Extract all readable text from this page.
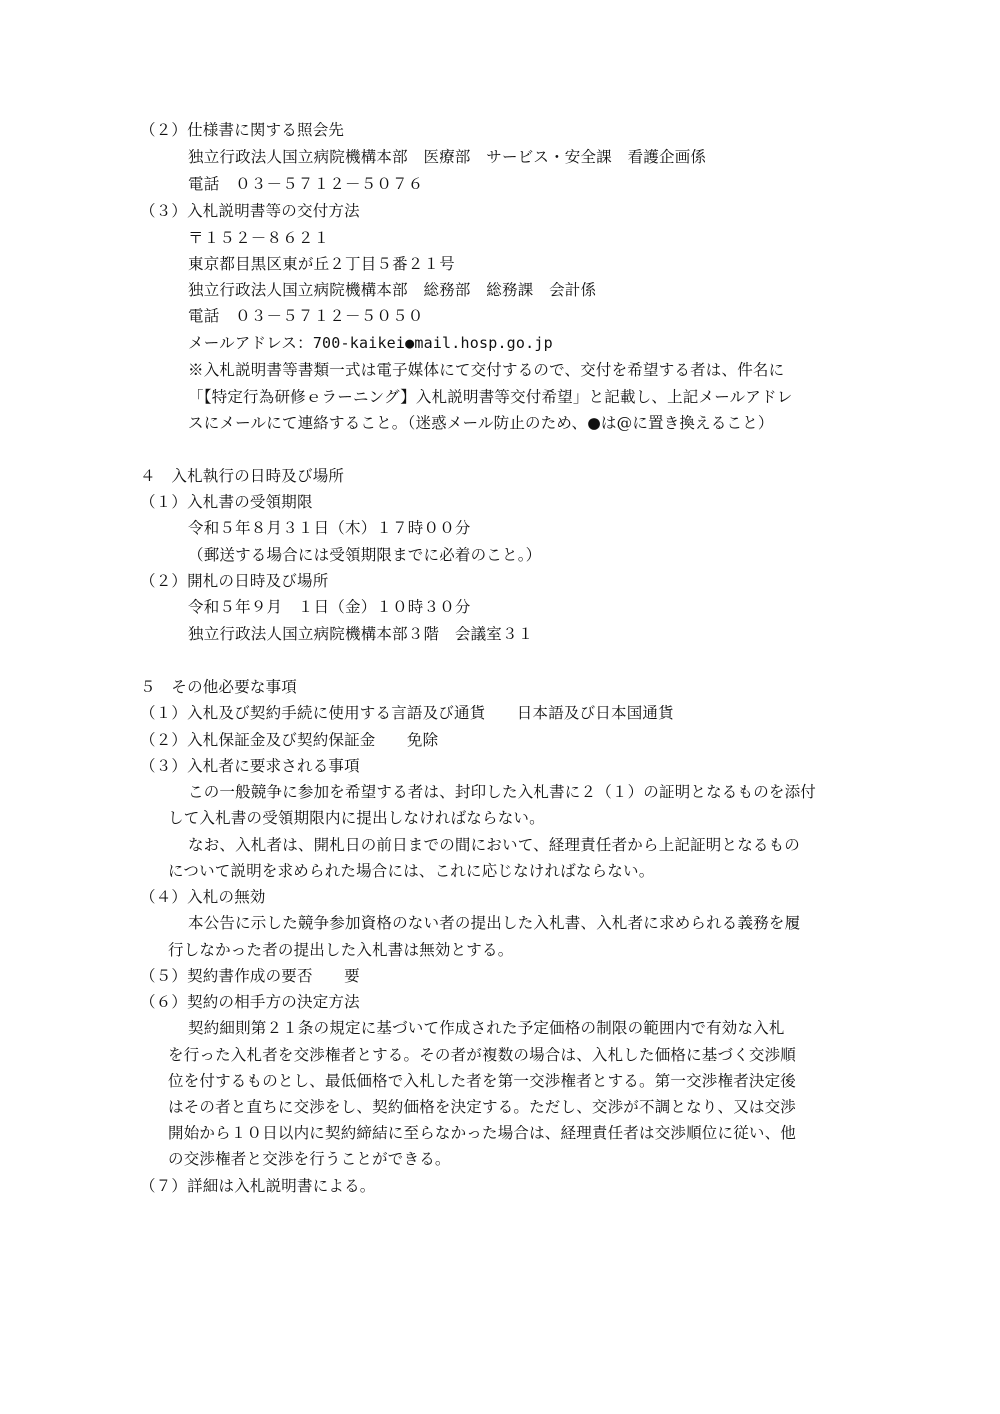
（２）仕様書に関する照会先
独立行政法人国立病院機構本部　医療部　サービス・安全課　看護企画係
電話　０３－５７１２－５０７６
（３）入札説明書等の交付方法
〒１５２－８６２１
東京都目黒区東が丘２丁目５番２１号
独立行政法人国立病院機構本部　総務部　総務課　会計係
電話　０３－５７１２－５０５０
メールアドレス：700-kaikei●mail.hosp.go.jp
※入札説明書等書類一式は電子媒体にて交付するので、交付を希望する者は、件名に
「【特定行為研修ｅラーニング】入札説明書等交付希望」と記載し、上記メールアドレ
スにメールにて連絡すること。（迷惑メール防止のため、●は@に置き換えること）
４　入札執行の日時及び場所
（１）入札書の受領期限
令和５年８月３１日（木）１７時００分
（郵送する場合には受領期限までに必着のこと。）
（２）開札の日時及び場所
令和５年９月　１日（金）１０時３０分
独立行政法人国立病院機構本部３階　会議室３１
５　その他必要な事項
（１）入札及び契約手続に使用する言語及び通貨　　日本語及び日本国通貨
（２）入札保証金及び契約保証金　　免除
（３）入札者に要求される事項
この一般競争に参加を希望する者は、封印した入札書に２（１）の証明となるものを添付
して入札書の受領期限内に提出しなければならない。
なお、入札者は、開札日の前日までの間において、経理責任者から上記証明となるもの
について説明を求められた場合には、これに応じなければならない。
（４）入札の無効
本公告に示した競争参加資格のない者の提出した入札書、入札者に求められる義務を履
行しなかった者の提出した入札書は無効とする。
（５）契約書作成の要否　　要
（６）契約の相手方の決定方法
契約細則第２１条の規定に基づいて作成された予定価格の制限の範囲内で有効な入札
を行った入札者を交渉権者とする。その者が複数の場合は、入札した価格に基づく交渉順
位を付するものとし、最低価格で入札した者を第一交渉権者とする。第一交渉権者決定後
はその者と直ちに交渉をし、契約価格を決定する。ただし、交渉が不調となり、又は交渉
開始から１０日以内に契約締結に至らなかった場合は、経理責任者は交渉順位に従い、他
の交渉権者と交渉を行うことができる。
（７）詳細は入札説明書による。
